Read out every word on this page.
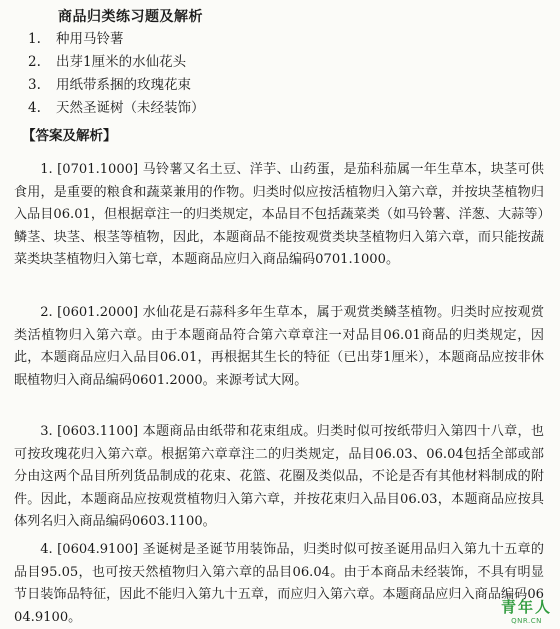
商品归类练习题及解析
1. 种用马铃薯
2. 出芽1厘米的水仙花头
3. 用纸带系捆的玫瑰花束
4. 天然圣诞树（未经装饰）
【答案及解析】

1. [0701.1000] 马铃薯又名土豆、洋芋、山药蛋，是茄科茄属一年生草本，块茎可供食用，是重要的粮食和蔬菜兼用的作物。归类时似应按活植物归入第六章，并按块茎植物归入品目06.01，但根据章注一的归类规定，本品目不包括蔬菜类（如马铃薯、洋葱、大蒜等）鳞茎、块茎、根茎等植物，因此，本题商品不能按观赏类块茎植物归入第六章，而只能按蔬菜类块茎植物归入第七章，本题商品应归入商品编码0701.1000。

2. [0601.2000] 水仙花是石蒜科多年生草本，属于观赏类鳞茎植物。归类时应按观赏类活植物归入第六章。由于本题商品符合第六章章注一对品目06.01商品的归类规定，因此，本题商品应归入品目06.01，再根据其生长的特征（已出芽1厘米），本题商品应按非休眠植物归入商品编码0601.2000。来源考试大网。

3. [0603.1100] 本题商品由纸带和花束组成。归类时似可按纸带归入第四十八章，也可按玫瑰花归入第六章。根据第六章章注二的归类规定，品目06.03、06.04包括全部或部分由这两个品目所列货品制成的花束、花篮、花圈及类似品，不论是否有其他材料制成的附件。因此，本题商品应按观赏植物归入第六章，并按花束归入品目06.03，本题商品应按具体列名归入商品编码0603.1100。

4. [0604.9100] 圣诞树是圣诞节用装饰品，归类时似可按圣诞用品归入第九十五章的品目95.05，也可按天然植物归入第六章的品目06.04。由于本商品未经装饰，不具有明显节日装饰品特征，因此不能归入第九十五章，而应归入第六章。本题商品应归入商品编码0604.9100。

青年人
QNR.CN
